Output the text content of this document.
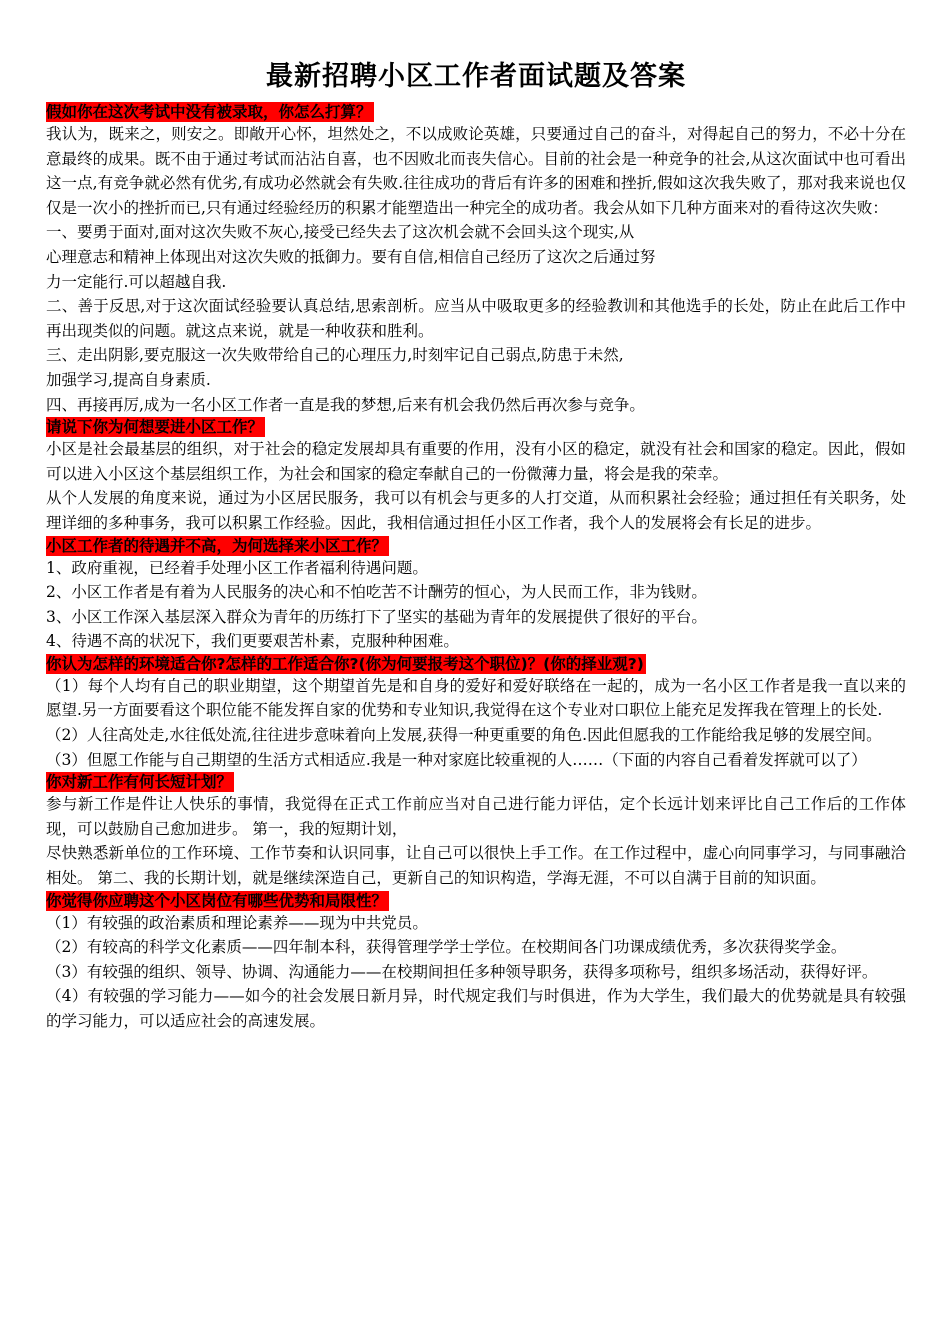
最新招聘小区工作者面试题及答案
假如你在这次考试中没有被录取，你怎么打算？

我认为，既来之，则安之。即敞开心怀，坦然处之，不以成败论英雄，只要通过自己的奋斗，对得起自己的努力，不必十分在意最终的成果。既不由于通过考试而沾沾自喜，也不因败北而丧失信心。目前的社会是一种竞争的社会,从这次面试中也可看出这一点,有竞争就必然有优劣,有成功必然就会有失败.往往成功的背后有许多的困难和挫折,假如这次我失败了，那对我来说也仅仅是一次小的挫折而已,只有通过经验经历的积累才能塑造出一种完全的成功者。我会从如下几种方面来对的看待这次失败：

一、要勇于面对,面对这次失败不灰心,接受已经失去了这次机会就不会回头这个现实,从

心理意志和精神上体现出对这次失败的抵御力。要有自信,相信自己经历了这次之后通过努

力一定能行.可以超越自我.

二、善于反思,对于这次面试经验要认真总结,思索剖析。应当从中吸取更多的经验教训和其他选手的长处，防止在此后工作中再出现类似的问题。就这点来说，就是一种收获和胜利。

三、走出阴影,要克服这一次失败带给自己的心理压力,时刻牢记自己弱点,防患于未然,

加强学习,提高自身素质.

四、再接再厉,成为一名小区工作者一直是我的梦想,后来有机会我仍然后再次参与竞争。

请说下你为何想要进小区工作？

小区是社会最基层的组织，对于社会的稳定发展却具有重要的作用，没有小区的稳定，就没有社会和国家的稳定。因此，假如可以进入小区这个基层组织工作，为社会和国家的稳定奉献自己的一份微薄力量，将会是我的荣幸。

从个人发展的角度来说，通过为小区居民服务，我可以有机会与更多的人打交道，从而积累社会经验；通过担任有关职务，处理详细的多种事务，我可以积累工作经验。因此，我相信通过担任小区工作者，我个人的发展将会有长足的进步。

小区工作者的待遇并不高，为何选择来小区工作？

1、政府重视，已经着手处理小区工作者福利待遇问题。

2、小区工作者是有着为人民服务的决心和不怕吃苦不计酬劳的恒心，为人民而工作，非为钱财。

3、小区工作深入基层深入群众为青年的历练打下了坚实的基础为青年的发展提供了很好的平台。

4、待遇不高的状况下，我们更要艰苦朴素，克服种种困难。

你认为怎样的环境适合你?怎样的工作适合你?(你为何要报考这个职位)？(你的择业观?)

（1）每个人均有自己的职业期望，这个期望首先是和自身的爱好和爱好联络在一起的，成为一名小区工作者是我一直以来的愿望.另一方面要看这个职位能不能发挥自家的优势和专业知识,我觉得在这个专业对口职位上能充足发挥我在管理上的长处.

（2）人往高处走,水往低处流,往往进步意味着向上发展,获得一种更重要的角色.因此但愿我的工作能给我足够的发展空间。

（3）但愿工作能与自己期望的生活方式相适应.我是一种对家庭比较重视的人……（下面的内容自己看着发挥就可以了）

你对新工作有何长短计划？

参与新工作是件让人快乐的事情，我觉得在正式工作前应当对自己进行能力评估，定个长远计划来评比自己工作后的工作体现，可以鼓励自己愈加进步。 第一，我的短期计划，

尽快熟悉新单位的工作环境、工作节奏和认识同事，让自己可以很快上手工作。在工作过程中，虚心向同事学习，与同事融洽相处。 第二、我的长期计划，就是继续深造自己，更新自己的知识构造，学海无涯，不可以自满于目前的知识面。

你觉得你应聘这个小区岗位有哪些优势和局限性？

（1）有较强的政治素质和理论素养——现为中共党员。

（2）有较高的科学文化素质——四年制本科，获得管理学学士学位。在校期间各门功课成绩优秀，多次获得奖学金。

（3）有较强的组织、领导、协调、沟通能力——在校期间担任多种领导职务，获得多项称号，组织多场活动，获得好评。

（4）有较强的学习能力——如今的社会发展日新月异，时代规定我们与时俱进，作为大学生，我们最大的优势就是具有较强的学习能力，可以适应社会的高速发展。
